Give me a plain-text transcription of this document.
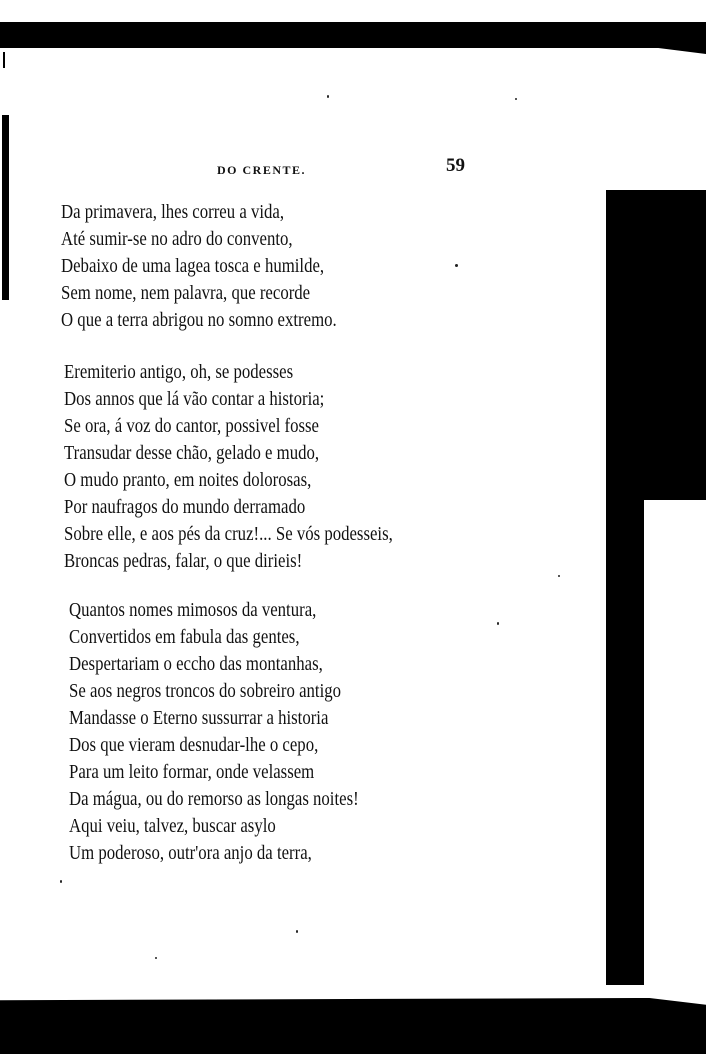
DO CRENTE.	59
Da primavera, lhes correu a vida,
Até sumir-se no adro do convento,
Debaixo de uma lagea tosca e humilde,
Sem nome, nem palavra, que recorde
O que a terra abrigou no somno extremo.
Eremiterio antigo, oh, se podesses
Dos annos que lá vão contar a historia;
Se ora, á voz do cantor, possivel fosse
Transudar desse chão, gelado e mudo,
O mudo pranto, em noites dolorosas,
Por naufragos do mundo derramado
Sobre elle, e aos pés da cruz!... Se vós podesseis,
Broncas pedras, falar, o que dirieis!
Quantos nomes mimosos da ventura,
Convertidos em fabula das gentes,
Despertariam o eccho das montanhas,
Se aos negros troncos do sobreiro antigo
Mandasse o Eterno sussurrar a historia
Dos que vieram desnudar-lhe o cepo,
Para um leito formar, onde velassem
Da mágua, ou do remorso as longas noites!
Aqui veiu, talvez, buscar asylo
Um poderoso, outr'ora anjo da terra,
